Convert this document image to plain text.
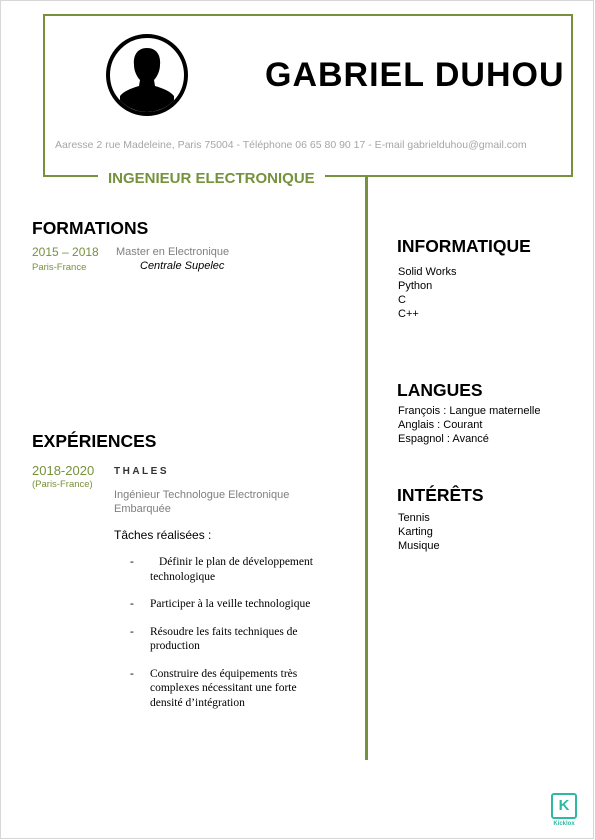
GABRIEL DUHOU
Aaresse 2 rue Madeleine, Paris 75004 - Téléphone 06 65 80 90 17 - E-mail gabrielduhou@gmail.com
INGENIEUR ELECTRONIQUE
FORMATIONS
2015 – 2018
Paris-France
Master en Electronique
Centrale Supelec
EXPÉRIENCES
2018-2020
(Paris-France)
THALES
Ingénieur Technologue Electronique
Embarquée
Tâches réalisées :
-	Définir le plan de développement
technologique
- Participer à la veille technologique
- Résoudre les faits techniques de
production
- Construire des équipements très
complexes nécessitant une forte
densité d’intégration
INFORMATIQUE
Solid Works
Python
C
C++
LANGUES
François : Langue maternelle
Anglais : Courant
Espagnol : Avancé
INTÉRÊTS
Tennis
Karting
Musique
K
Kicklox
